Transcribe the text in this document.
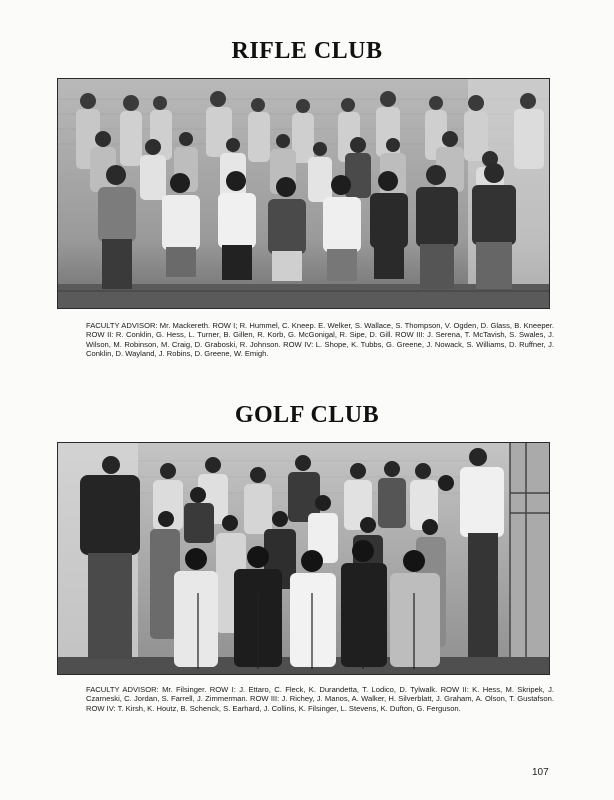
RIFLE CLUB
FACULTY ADVISOR: Mr. Mackereth. ROW I; R. Hummel, C. Kneep. E. Welker, S. Wallace, S. Thompson, V. Ogden, D. Glass, B. Kneeper. ROW II: R. Conklin, G. Hess, L. Turner, B. Gillen, R. Korb, G. McGonigal, R. Sipe, D. Gill. ROW III: J. Serena, T. McTavish, S. Swales, J. Wilson, M. Robinson, M. Craig, D. Graboski, R. Johnson. ROW IV: L. Shope, K. Tubbs, G. Greene, J. Nowack, S. Williams, D. Ruffner, J. Conklin, D. Wayland, J. Robins, D. Greene, W. Emigh.
GOLF CLUB
FACULTY ADVISOR: Mr. Filsinger. ROW I: J. Ettaro, C. Fleck, K. Durandetta, T. Lodico, D. Tylwalk. ROW II: K. Hess, M. Skripek, J. Czarneski, C. Jordan, S. Farrell, J. Zimmerman. ROW III: J. Richey, J. Manos, A. Walker, H. Silverblatt, J. Graham, A. Olson, T. Gustafson. ROW IV: T. Kirsh, K. Houtz, B. Schenck, S. Earhard, J. Collins, K. Filsinger, L. Stevens, K. Dufton, G. Ferguson.
107
